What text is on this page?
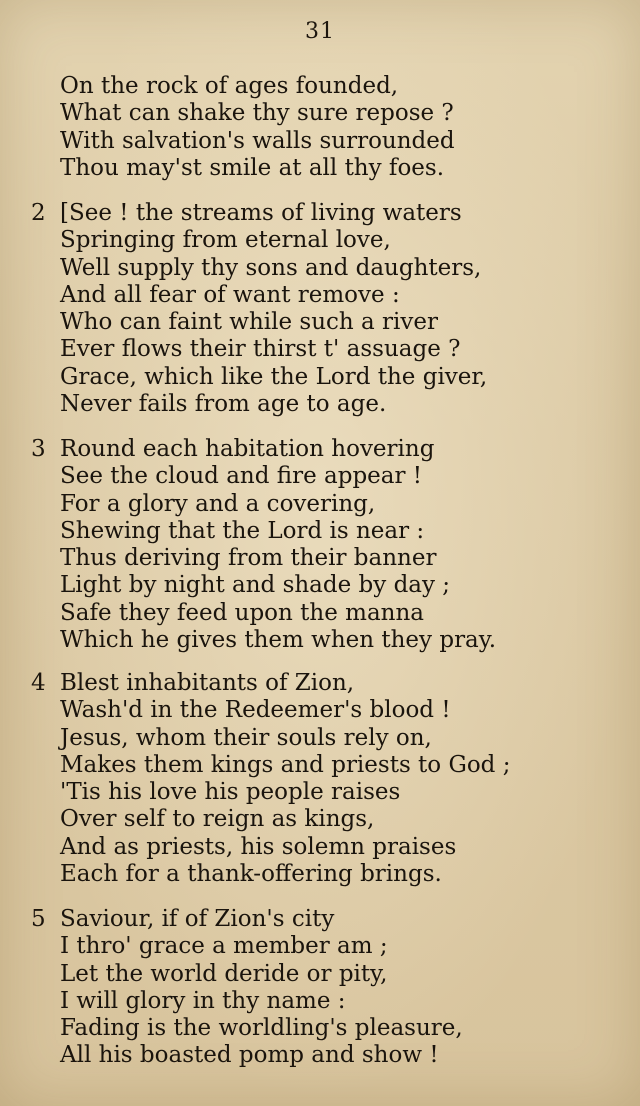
31
On the rock of ages founded,
What can shake thy sure repose ?
With salvation's walls surrounded
Thou may'st smile at all thy foes.
2 [See ! the streams of living waters
Springing from eternal love,
Well supply thy sons and daughters,
And all fear of want remove :
Who can faint while such a river
Ever flows their thirst t' assuage ?
Grace, which like the Lord the giver,
Never fails from age to age.
3 Round each habitation hovering
See the cloud and fire appear !
For a glory and a covering,
Shewing that the Lord is near :
Thus deriving from their banner
Light by night and shade by day ;
Safe they feed upon the manna
Which he gives them when they pray.
4 Blest inhabitants of Zion,
Wash'd in the Redeemer's blood !
Jesus, whom their souls rely on,
Makes them kings and priests to God ;
'Tis his love his people raises
Over self to reign as kings,
And as priests, his solemn praises
Each for a thank-offering brings.
5 Saviour, if of Zion's city
I thro' grace a member am ;
Let the world deride or pity,
I will glory in thy name :
Fading is the worldling's pleasure,
All his boasted pomp and show !
